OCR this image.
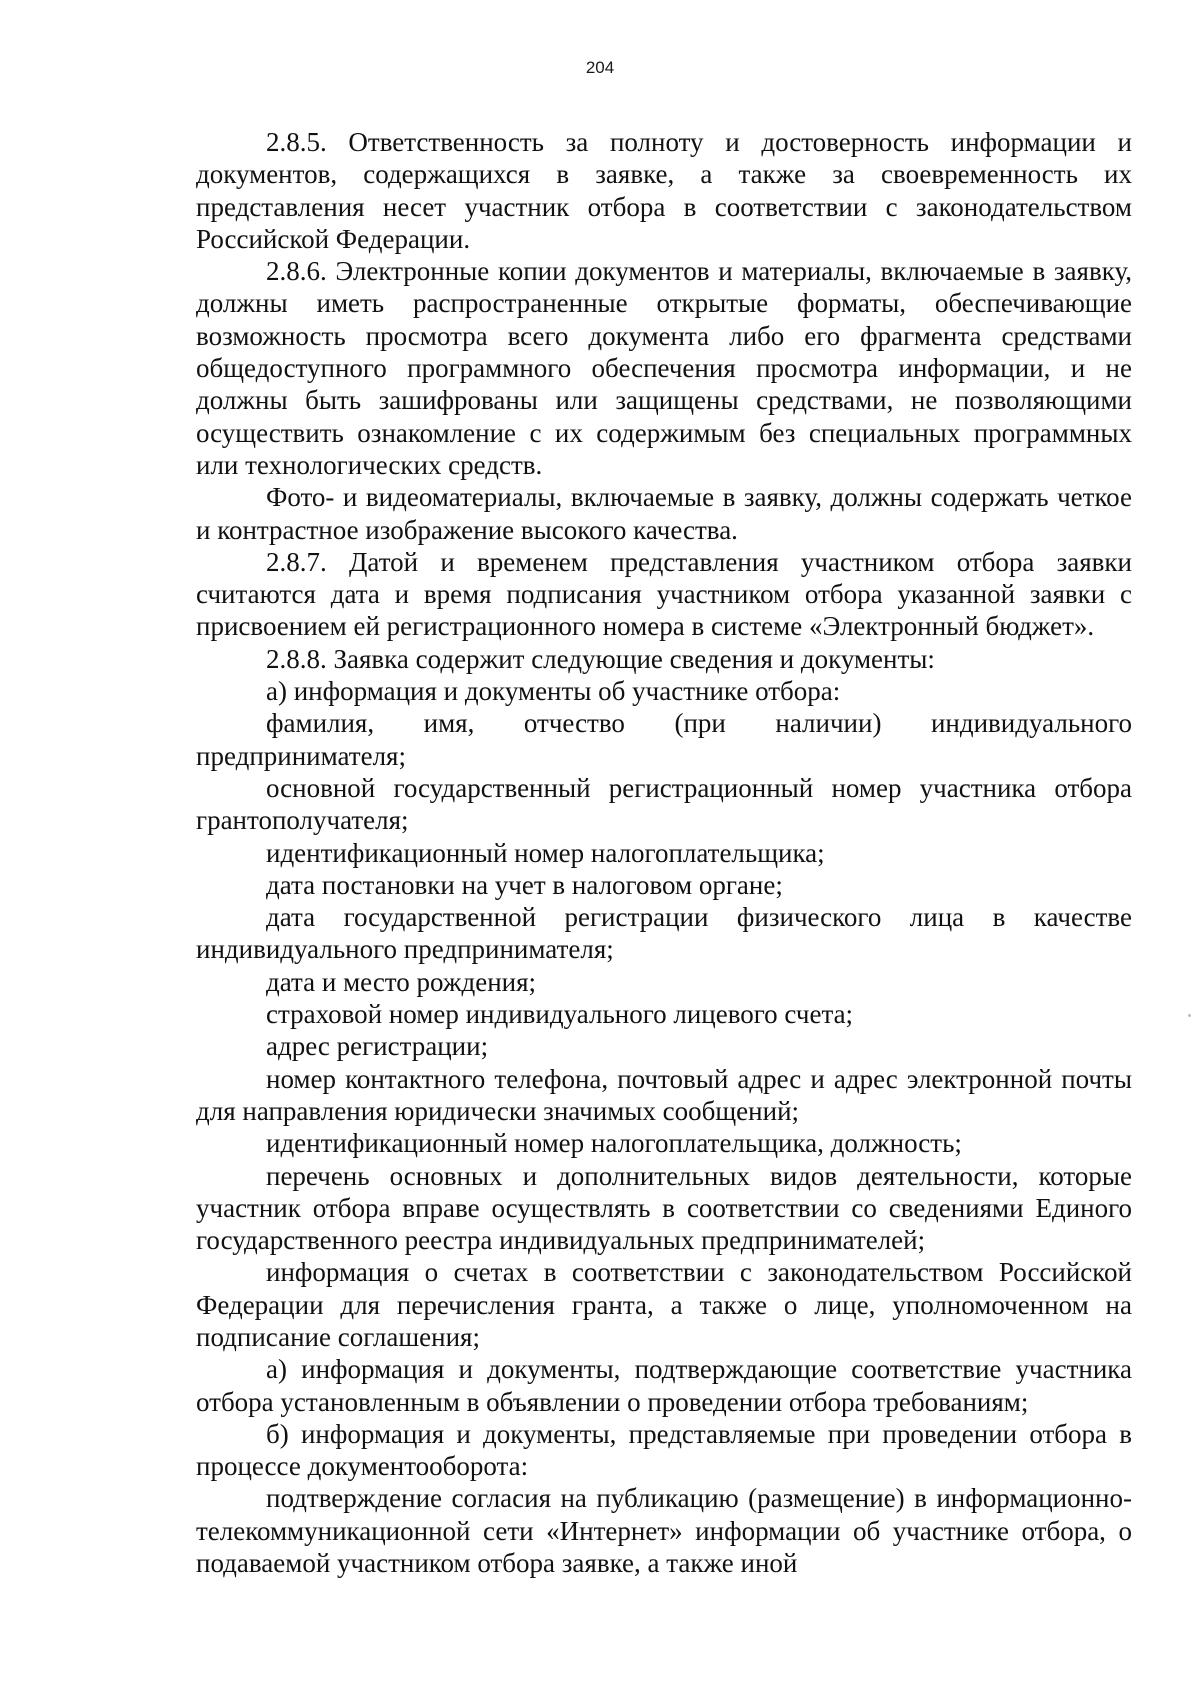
204

2.8.5. Ответственность за полноту и достоверность информации и документов, содержащихся в заявке, а также за своевременность их представления несет участник отбора в соответствии с законодательством Российской Федерации.

2.8.6. Электронные копии документов и материалы, включаемые в заявку, должны иметь распространенные открытые форматы, обеспечивающие возможность просмотра всего документа либо его фрагмента средствами общедоступного программного обеспечения просмотра информации, и не должны быть зашифрованы или защищены средствами, не позволяющими осуществить ознакомление с их содержимым без специальных программных или технологических средств.

Фото- и видеоматериалы, включаемые в заявку, должны содержать четкое и контрастное изображение высокого качества.

2.8.7. Датой и временем представления участником отбора заявки считаются дата и время подписания участником отбора указанной заявки с присвоением ей регистрационного номера в системе «Электронный бюджет».

2.8.8. Заявка содержит следующие сведения и документы:

а) информация и документы об участнике отбора:

фамилия, имя, отчество (при наличии) индивидуального предпринимателя;

основной государственный регистрационный номер участника отбора грантополучателя;

идентификационный номер налогоплательщика;

дата постановки на учет в налоговом органе;

дата государственной регистрации физического лица в качестве индивидуального предпринимателя;

дата и место рождения;

страховой номер индивидуального лицевого счета;

адрес регистрации;

номер контактного телефона, почтовый адрес и адрес электронной почты для направления юридически значимых сообщений;

идентификационный номер налогоплательщика, должность;

перечень основных и дополнительных видов деятельности, которые участник отбора вправе осуществлять в соответствии со сведениями Единого государственного реестра индивидуальных предпринимателей;

информация о счетах в соответствии с законодательством Российской Федерации для перечисления гранта, а также о лице, уполномоченном на подписание соглашения;

а) информация и документы, подтверждающие соответствие участника отбора установленным в объявлении о проведении отбора требованиям;

б) информация и документы, представляемые при проведении отбора в процессе документооборота:

подтверждение согласия на публикацию (размещение) в информационно-телекоммуникационной сети «Интернет» информации об участнике отбора, о подаваемой участником отбора заявке, а также иной
